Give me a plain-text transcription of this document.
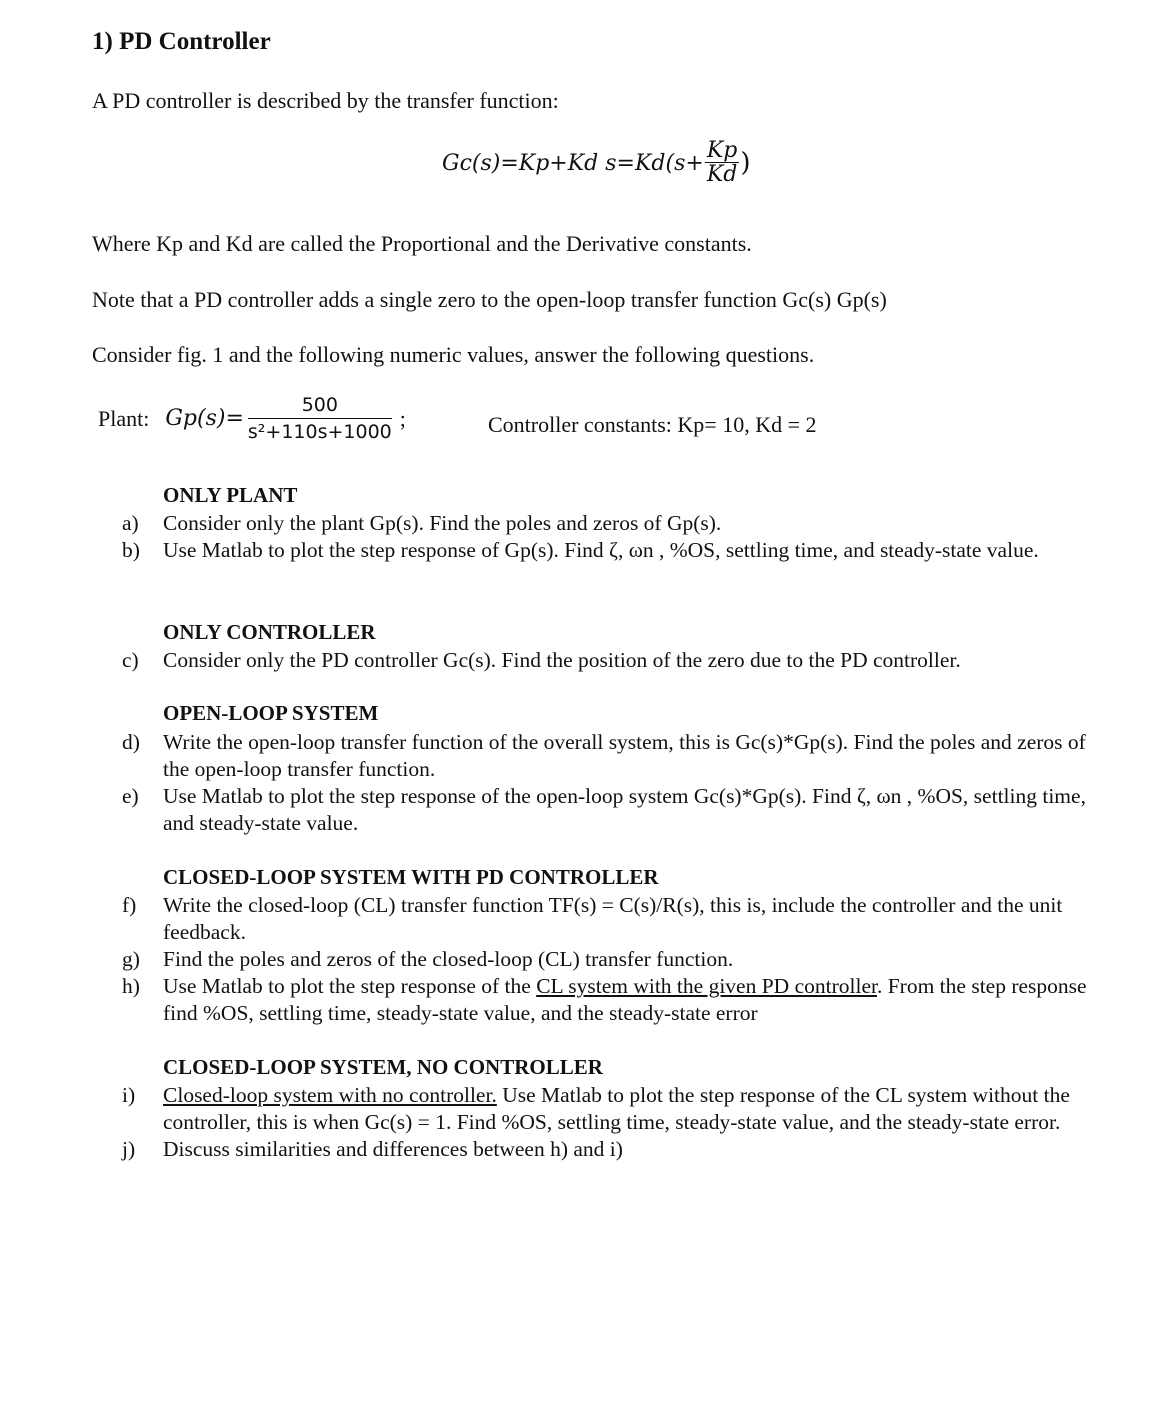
1) PD Controller
A PD controller is described by the transfer function:
Gc(s)=Kp+Kd $s=Kd(s+ \frac{Kp}{Kd}$ )
Where Kp and Kd are called the Proportional and the Derivative constants.
Note that a PD controller adds a single zero to the open-loop transfer function Gc(s) Gp(s)
Consider fig. 1 and the following numeric values, answer the following questions.
Plant: $Gp(s)= \frac{500}{\text{s²+110s+1000}}$ ;	Controller constants: Kp= 10, Kd = 2
ONLY PLANT
a)	Consider only the plant Gp(s). Find the poles and zeros of Gp(s).
b)	Use Matlab to plot the step response of Gp(s). Find ζ, ωn , %OS, settling time, and steady-state value.
ONLY CONTROLLER
c)	Consider only the PD controller Gc(s). Find the position of the zero due to the PD controller.
OPEN-LOOP SYSTEM
d)	Write the open-loop transfer function of the overall system, this is Gc(s)*Gp(s). Find the poles and zeros of the open-loop transfer function.
e)	Use Matlab to plot the step response of the open-loop system Gc(s)*Gp(s). Find ζ, ωn , %OS, settling time, and steady-state value.
CLOSED-LOOP SYSTEM WITH PD CONTROLLER
f)	Write the closed-loop (CL) transfer function TF(s) = C(s)/R(s), this is, include the controller and the unit feedback.
g)	Find the poles and zeros of the closed-loop (CL) transfer function.
h)	Use Matlab to plot the step response of the CL system with the given PD controller. From the step response find %OS, settling time, steady-state value, and the steady-state error
CLOSED-LOOP SYSTEM, NO CONTROLLER
i)	Closed-loop system with no controller. Use Matlab to plot the step response of the CL system without the controller, this is when Gc(s) = 1. Find %OS, settling time, steady-state value, and the steady-state error.
j)	Discuss similarities and differences between h) and i)
